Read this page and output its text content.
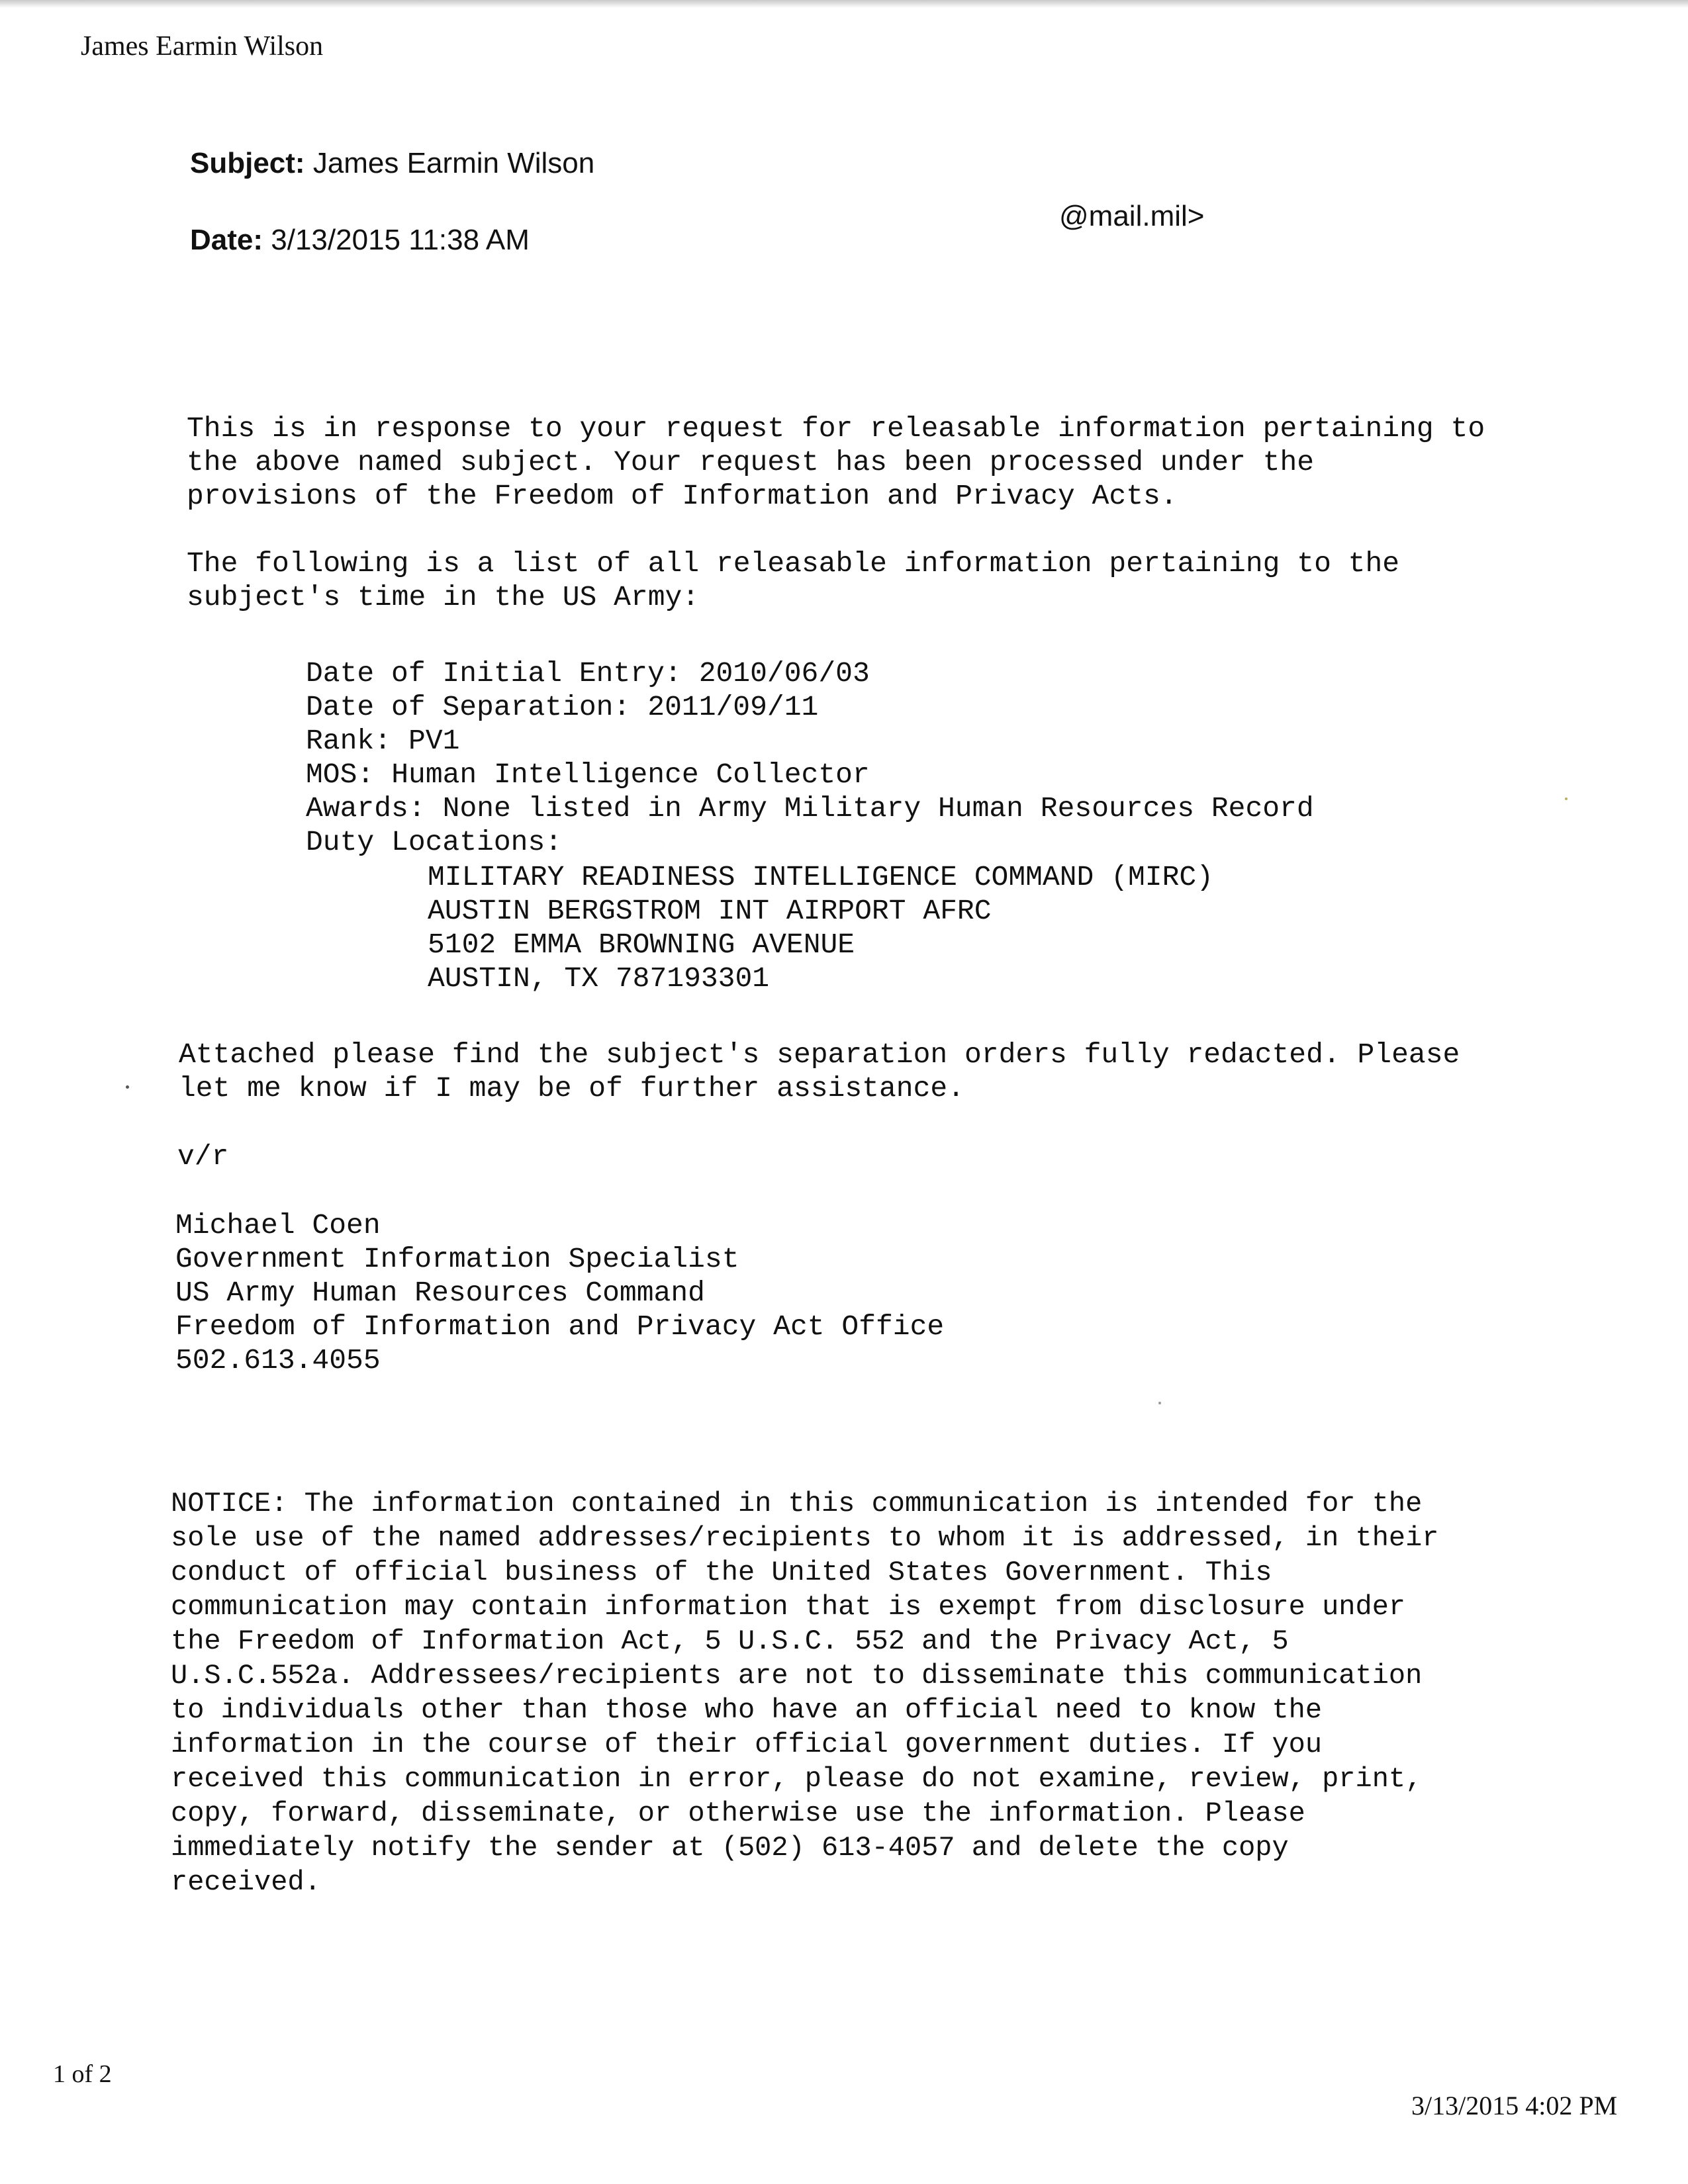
James Earmin Wilson
Subject: James Earmin Wilson
@mail.mil>
Date: 3/13/2015 11:38 AM
This is in response to your request for releasable information pertaining to
the above named subject. Your request has been processed under the
provisions of the Freedom of Information and Privacy Acts.
The following is a list of all releasable information pertaining to the
subject's time in the US Army:
Date of Initial Entry: 2010/06/03
Date of Separation: 2011/09/11
Rank: PV1
MOS: Human Intelligence Collector
Awards: None listed in Army Military Human Resources Record
Duty Locations:
MILITARY READINESS INTELLIGENCE COMMAND (MIRC)
AUSTIN BERGSTROM INT AIRPORT AFRC
5102 EMMA BROWNING AVENUE
AUSTIN, TX 787193301
Attached please find the subject's separation orders fully redacted. Please
let me know if I may be of further assistance.
v/r
Michael Coen
Government Information Specialist
US Army Human Resources Command
Freedom of Information and Privacy Act Office
502.613.4055
NOTICE: The information contained in this communication is intended for the
sole use of the named addresses/recipients to whom it is addressed, in their
conduct of official business of the United States Government. This
communication may contain information that is exempt from disclosure under
the Freedom of Information Act, 5 U.S.C. 552 and the Privacy Act, 5
U.S.C.552a. Addressees/recipients are not to disseminate this communication
to individuals other than those who have an official need to know the
information in the course of their official government duties. If you
received this communication in error, please do not examine, review, print,
copy, forward, disseminate, or otherwise use the information. Please
immediately notify the sender at (502) 613-4057 and delete the copy
received.
1 of 2
3/13/2015 4:02 PM
